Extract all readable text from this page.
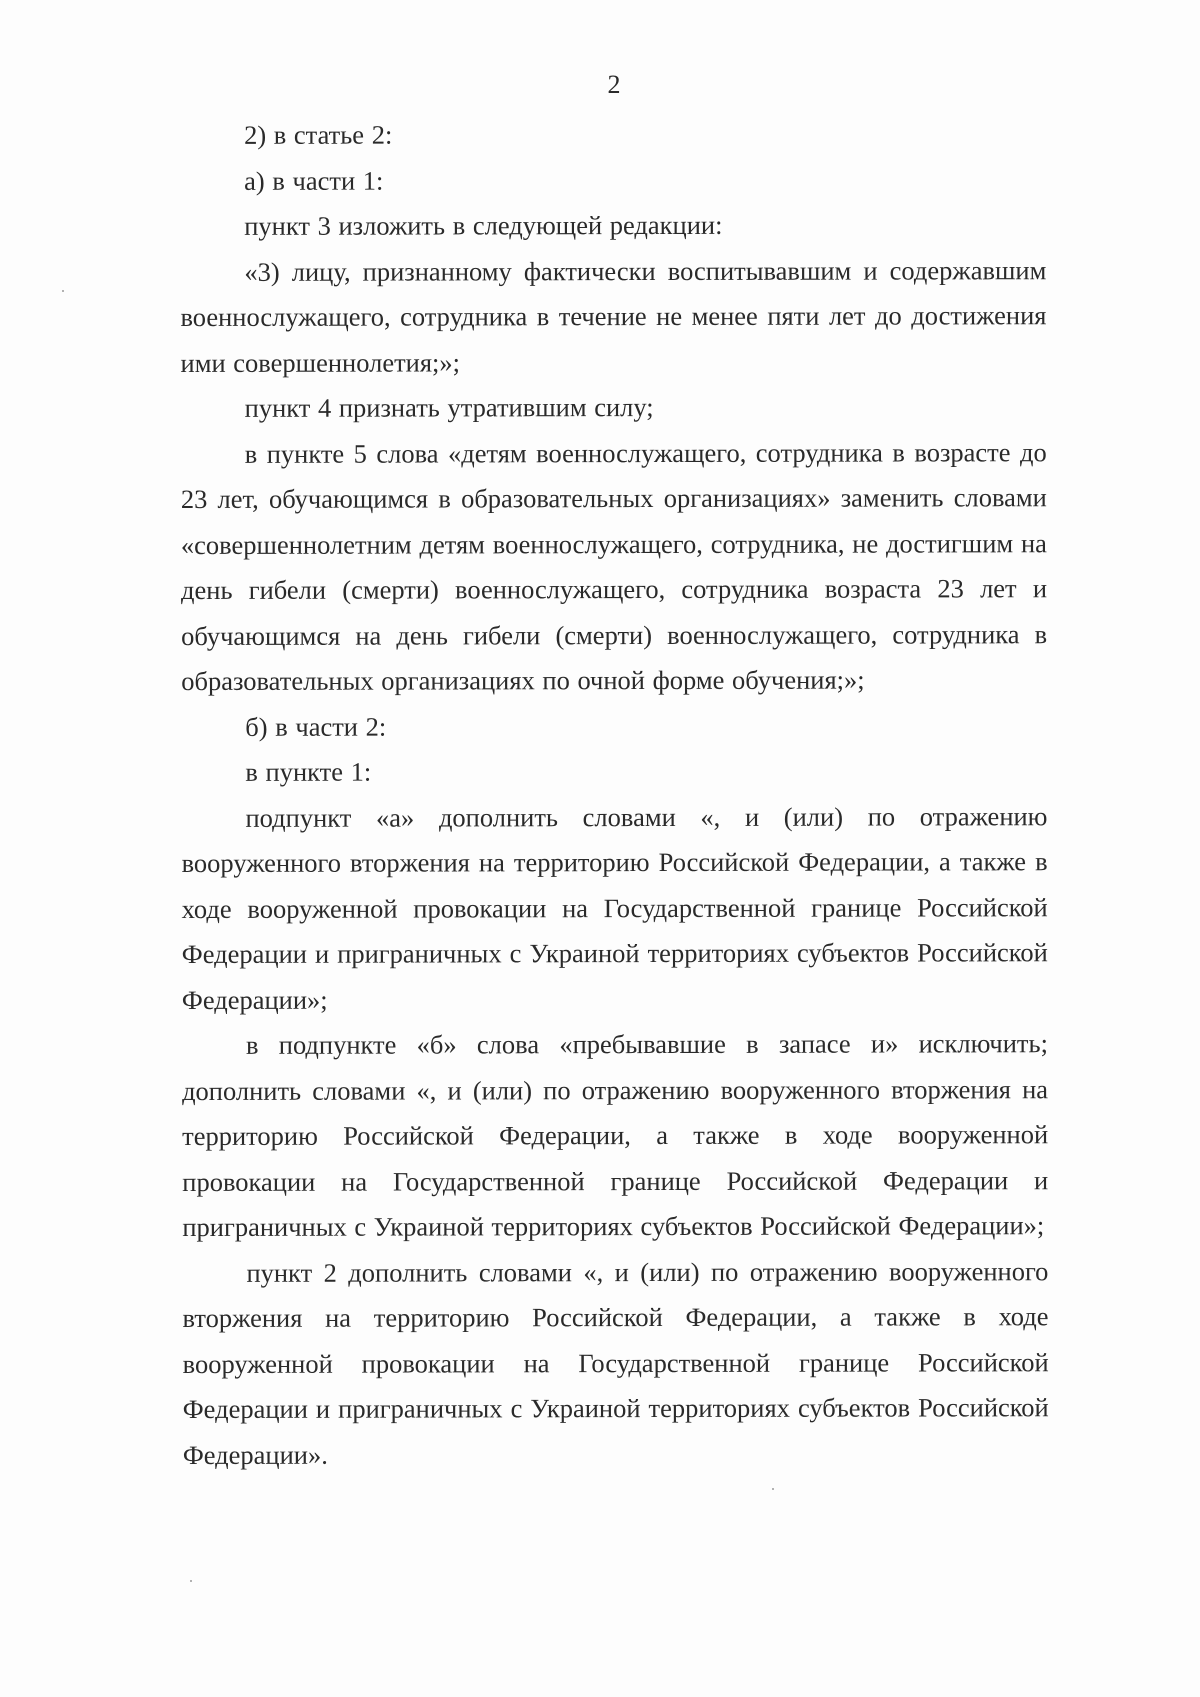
2

2) в статье 2:

а) в части 1:

пункт 3 изложить в следующей редакции:

«3) лицу, признанному фактически воспитывавшим и содержавшим военнослужащего, сотрудника в течение не менее пяти лет до достижения ими совершеннолетия;»;

пункт 4 признать утратившим силу;

в пункте 5 слова «детям военнослужащего, сотрудника в возрасте до 23 лет, обучающимся в образовательных организациях» заменить словами «совершеннолетним детям военнослужащего, сотрудника, не достигшим на день гибели (смерти) военнослужащего, сотрудника возраста 23 лет и обучающимся на день гибели (смерти) военнослужащего, сотрудника в образовательных организациях по очной форме обучения;»;

б) в части 2:

в пункте 1:

подпункт «а» дополнить словами «, и (или) по отражению вооруженного вторжения на территорию Российской Федерации, а также в ходе вооруженной провокации на Государственной границе Российской Федерации и приграничных с Украиной территориях субъектов Российской Федерации»;

в подпункте «б» слова «пребывавшие в запасе и» исключить; дополнить словами «, и (или) по отражению вооруженного вторжения на территорию Российской Федерации, а также в ходе вооруженной провокации на Государственной границе Российской Федерации и приграничных с Украиной территориях субъектов Российской Федерации»;

пункт 2 дополнить словами «, и (или) по отражению вооруженного вторжения на территорию Российской Федерации, а также в ходе вооруженной провокации на Государственной границе Российской Федерации и приграничных с Украиной территориях субъектов Российской Федерации».
